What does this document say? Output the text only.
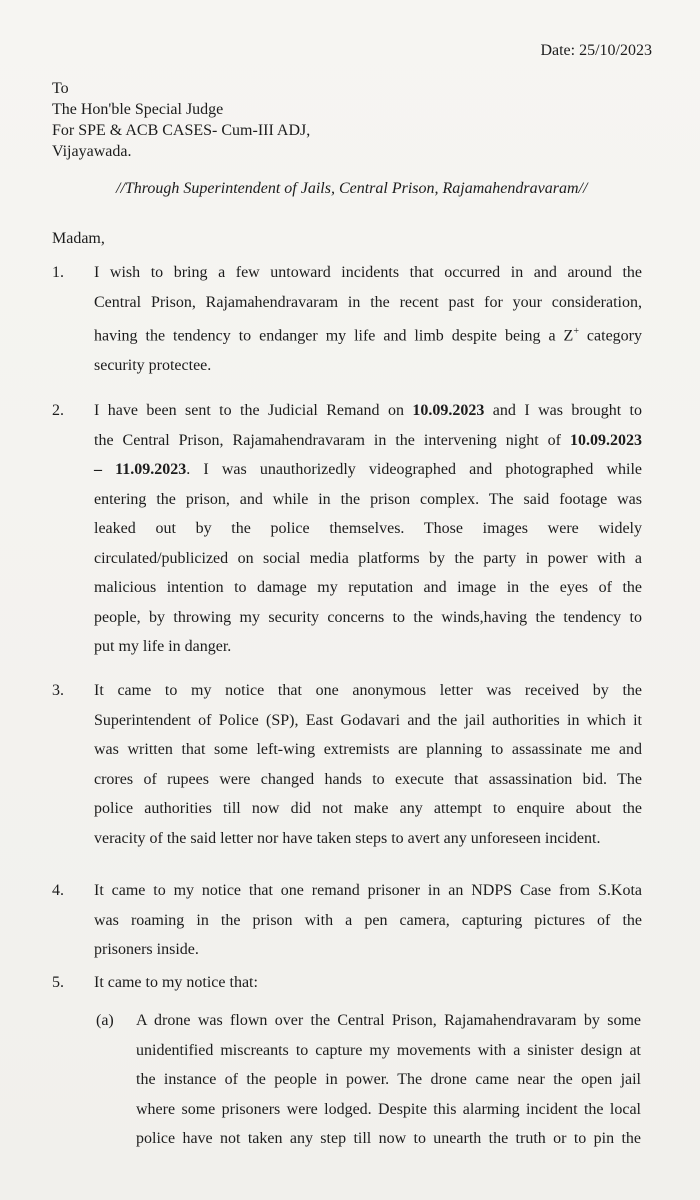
Date: 25/10/2023
To
The Hon'ble Special Judge
For SPE & ACB CASES- Cum-III ADJ,
Vijayawada.
//Through Superintendent of Jails, Central Prison, Rajamahendravaram//
Madam,
1.	I wish to bring a few untoward incidents that occurred in and around the
Central Prison, Rajamahendravaram in the recent past for your consideration,
having the tendency to endanger my life and limb despite being a Z+ category
security protectee.
2.	I have been sent to the Judicial Remand on 10.09.2023 and I was brought to
the Central Prison, Rajamahendravaram in the intervening night of 10.09.2023
– 11.09.2023. I was unauthorizedly videographed and photographed while
entering the prison, and while in the prison complex. The said footage was
leaked out by the police themselves. Those images were widely
circulated/publicized on social media platforms by the party in power with a
malicious intention to damage my reputation and image in the eyes of the
people, by throwing my security concerns to the winds,having the tendency to
put my life in danger.
3.	It came to my notice that one anonymous letter was received by the
Superintendent of Police (SP), East Godavari and the jail authorities in which it
was written that some left-wing extremists are planning to assassinate me and
crores of rupees were changed hands to execute that assassination bid. The
police authorities till now did not make any attempt to enquire about the
veracity of the said letter nor have taken steps to avert any unforeseen incident.
4.	It came to my notice that one remand prisoner in an NDPS Case from S.Kota
was roaming in the prison with a pen camera, capturing pictures of the
prisoners inside.
5.	It came to my notice that:
(a) A drone was flown over the Central Prison, Rajamahendravaram by some
unidentified miscreants to capture my movements with a sinister design at
the instance of the people in power. The drone came near the open jail
where some prisoners were lodged. Despite this alarming incident the local
police have not taken any step till now to unearth the truth or to pin the
